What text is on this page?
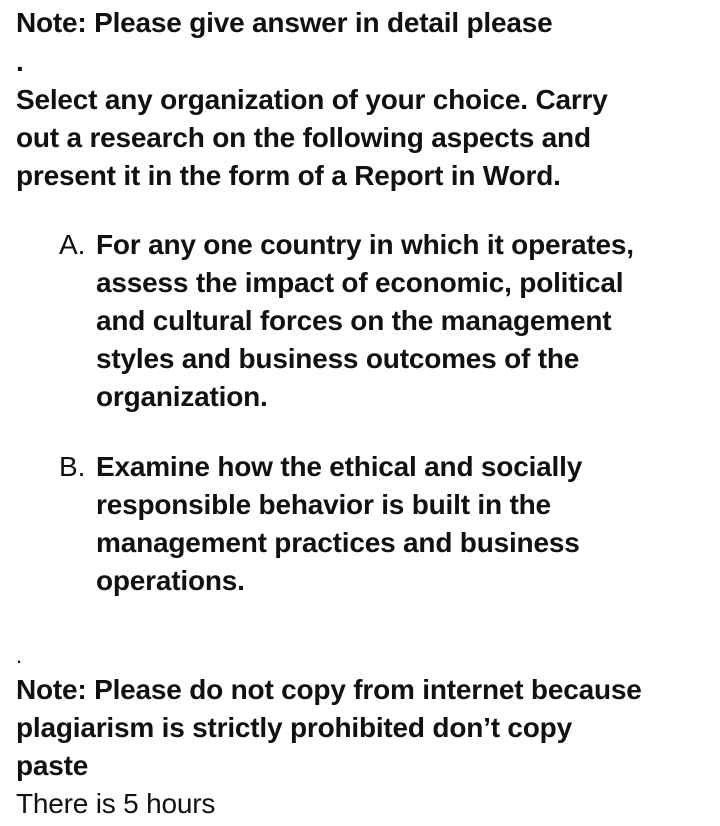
Note: Please give answer in detail please
.
Select any organization of your choice. Carry
out a research on the following aspects and
present it in the form of a Report in Word.
A. For any one country in which it operates,
assess the impact of economic, political
and cultural forces on the management
styles and business outcomes of the
organization.
B. Examine how the ethical and socially
responsible behavior is built in the
management practices and business
operations.
.
Note: Please do not copy from internet because
plagiarism is strictly prohibited don’t copy
paste
There is 5 hours
